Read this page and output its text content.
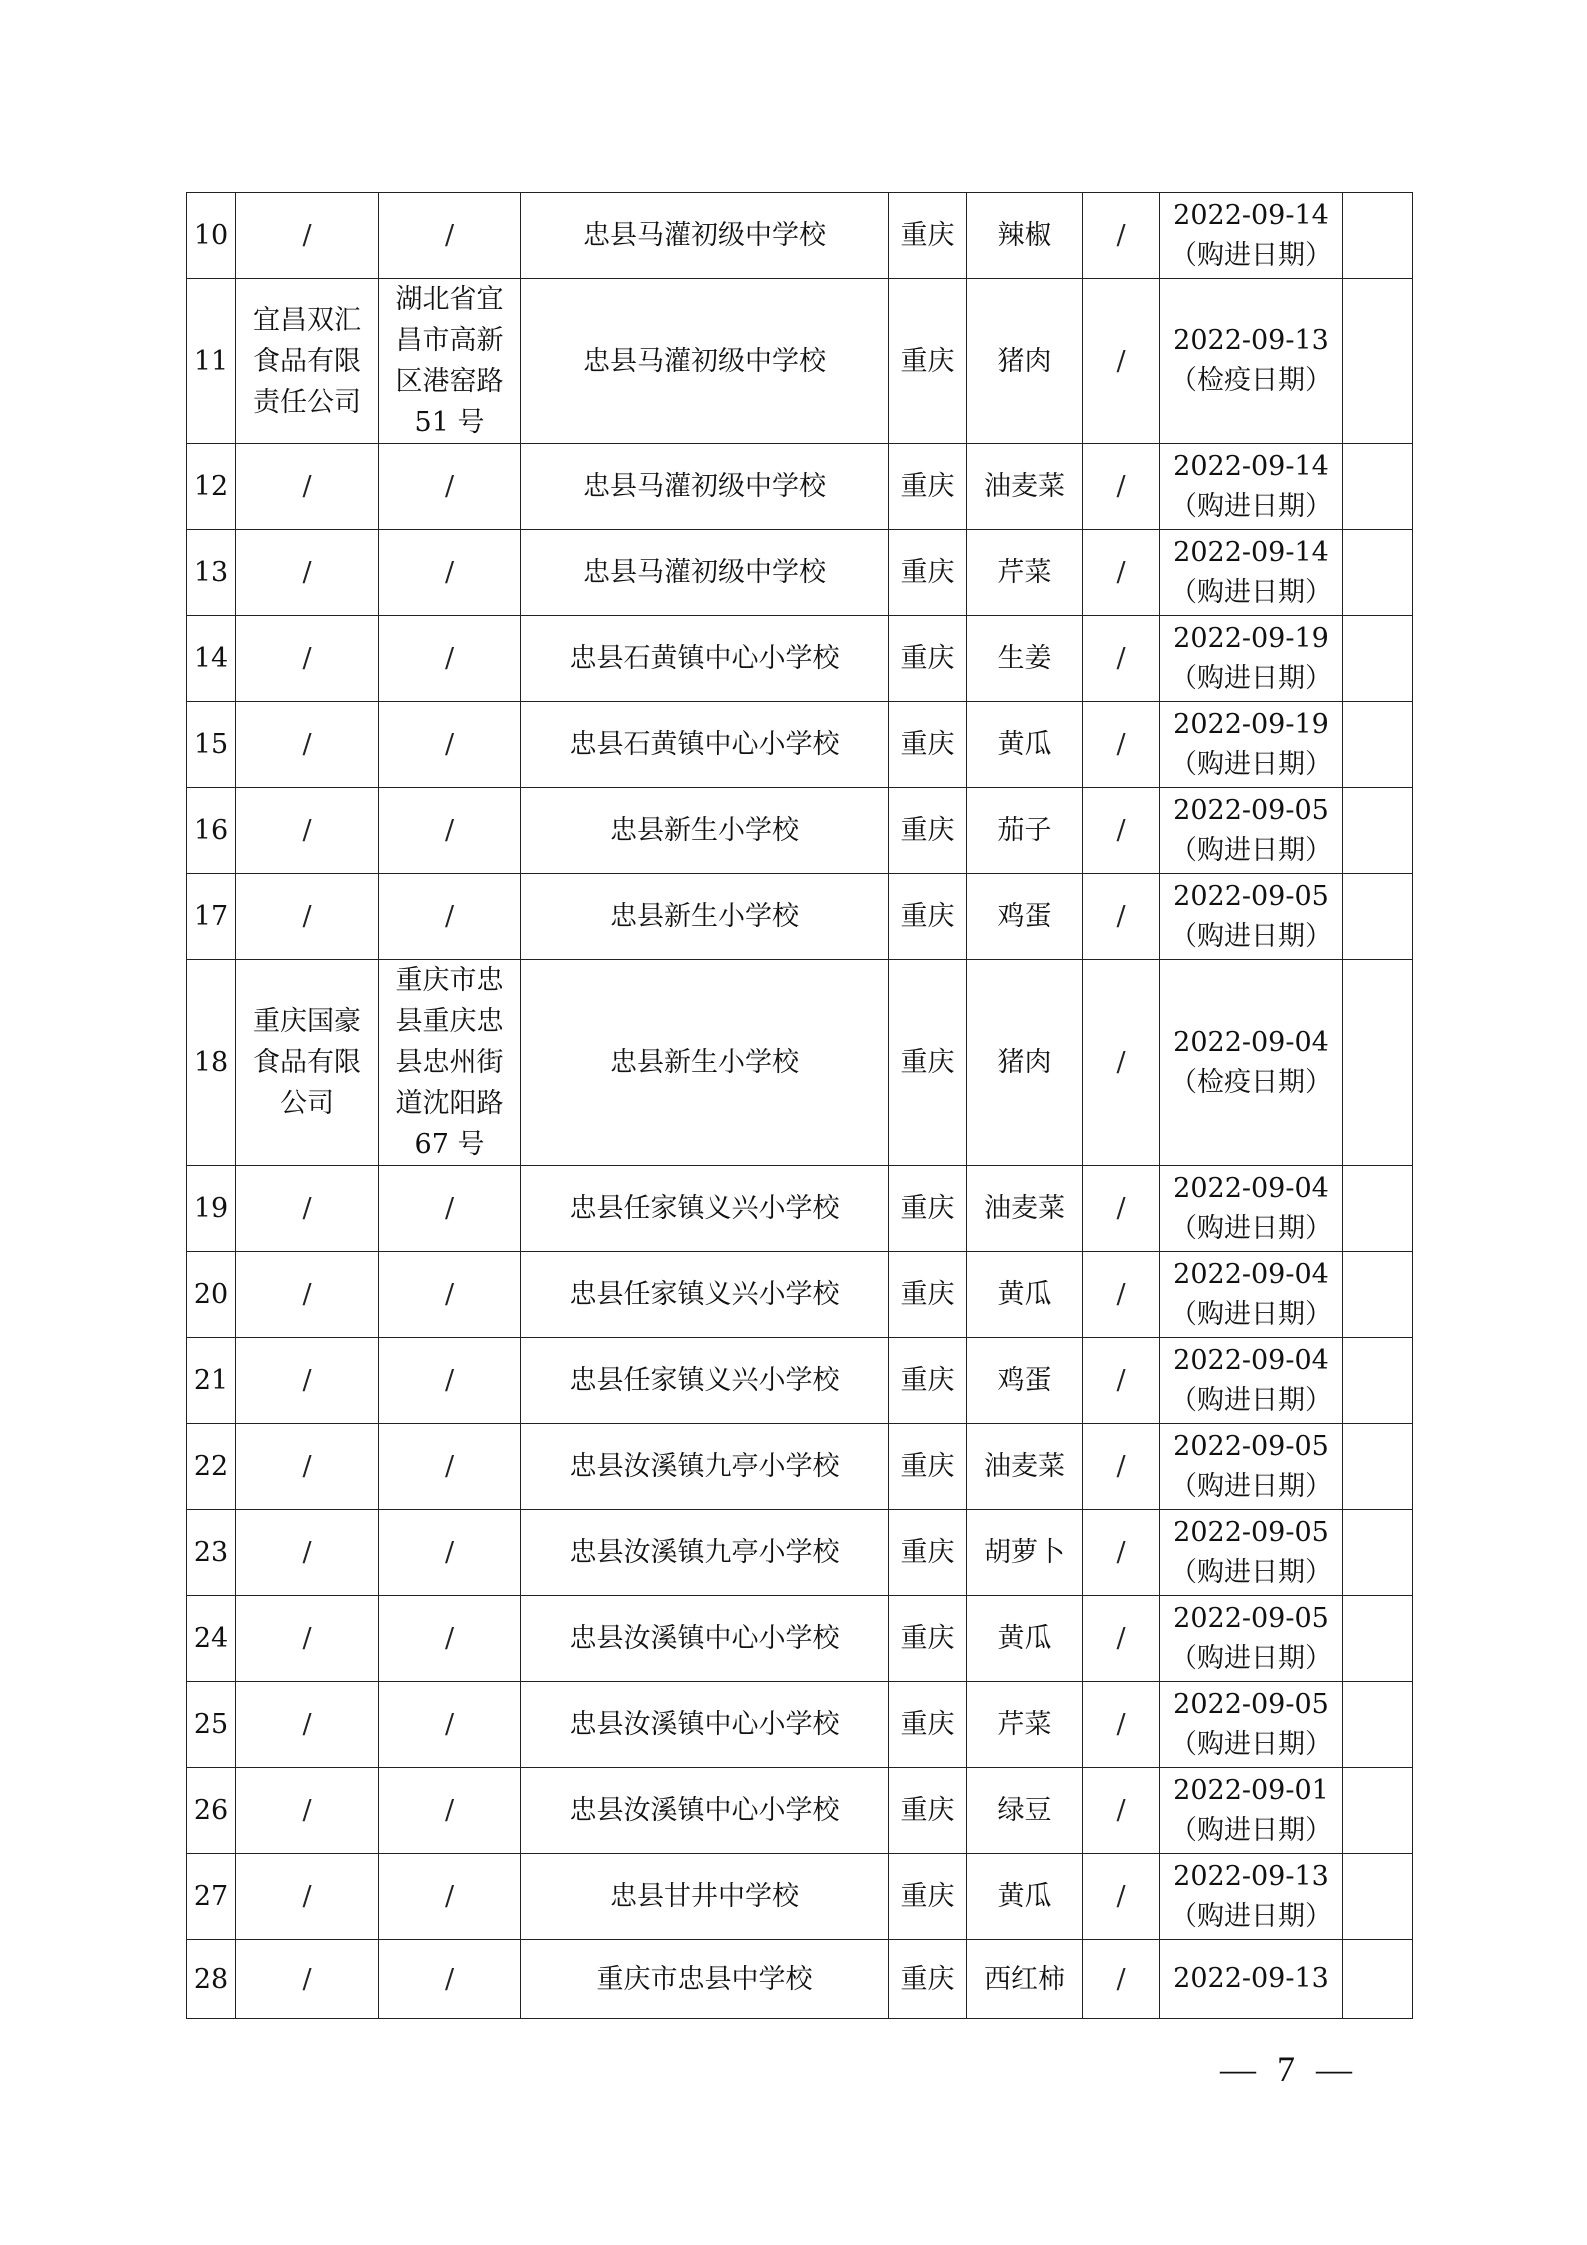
10	/	/	忠县马灌初级中学校	重庆	辣椒	/	2022-09-14
（购进日期）	

11	宜昌双汇
食品有限
责任公司	湖北省宜
昌市高新
区港窑路
51 号	忠县马灌初级中学校	重庆	猪肉	/	2022-09-13
（检疫日期）	

12	/	/	忠县马灌初级中学校	重庆	油麦菜	/	2022-09-14
（购进日期）	

13	/	/	忠县马灌初级中学校	重庆	芹菜	/	2022-09-14
（购进日期）	

14	/	/	忠县石黄镇中心小学校	重庆	生姜	/	2022-09-19
（购进日期）	

15	/	/	忠县石黄镇中心小学校	重庆	黄瓜	/	2022-09-19
（购进日期）	

16	/	/	忠县新生小学校	重庆	茄子	/	2022-09-05
（购进日期）	

17	/	/	忠县新生小学校	重庆	鸡蛋	/	2022-09-05
（购进日期）	

18	重庆国豪
食品有限
公司	重庆市忠
县重庆忠
县忠州街
道沈阳路
67 号	忠县新生小学校	重庆	猪肉	/	2022-09-04
（检疫日期）	

19	/	/	忠县任家镇义兴小学校	重庆	油麦菜	/	2022-09-04
（购进日期）	

20	/	/	忠县任家镇义兴小学校	重庆	黄瓜	/	2022-09-04
（购进日期）	

21	/	/	忠县任家镇义兴小学校	重庆	鸡蛋	/	2022-09-04
（购进日期）	

22	/	/	忠县汝溪镇九亭小学校	重庆	油麦菜	/	2022-09-05
（购进日期）	

23	/	/	忠县汝溪镇九亭小学校	重庆	胡萝卜	/	2022-09-05
（购进日期）	

24	/	/	忠县汝溪镇中心小学校	重庆	黄瓜	/	2022-09-05
（购进日期）	

25	/	/	忠县汝溪镇中心小学校	重庆	芹菜	/	2022-09-05
（购进日期）	

26	/	/	忠县汝溪镇中心小学校	重庆	绿豆	/	2022-09-01
（购进日期）	

27	/	/	忠县甘井中学校	重庆	黄瓜	/	2022-09-13
（购进日期）	

28	/	/	重庆市忠县中学校	重庆	西红柿	/	2022-09-13	

— 7 —
